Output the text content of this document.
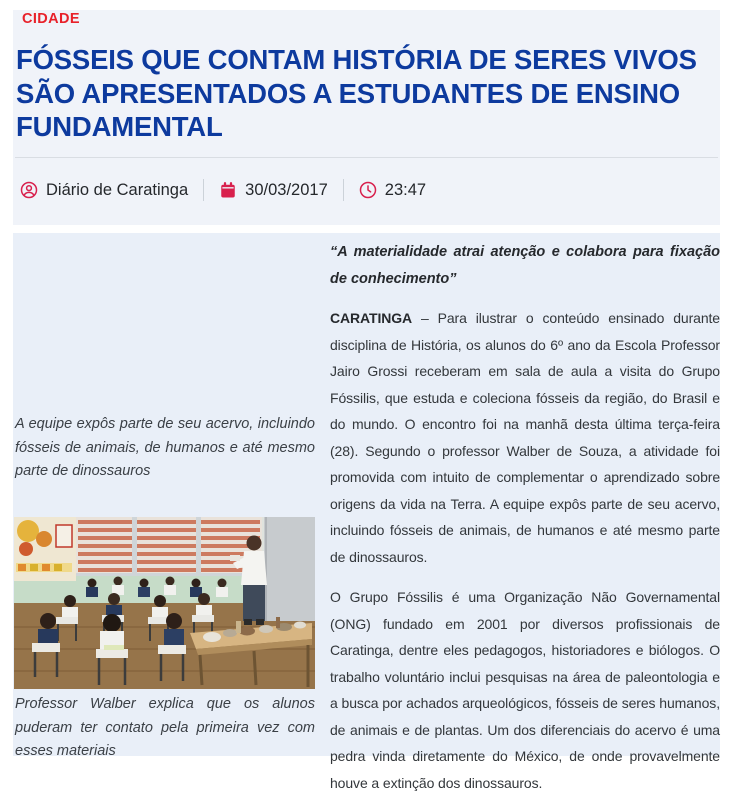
CIDADE
FÓSSEIS QUE CONTAM HISTÓRIA DE SERES VIVOS SÃO APRESENTADOS A ESTUDANTES DE ENSINO FUNDAMENTAL
Diário de Caratinga	30/03/2017	23:47

A equipe expôs parte de seu acervo, incluindo fósseis de animais, de humanos e até mesmo parte de dinossauros

Professor Walber explica que os alunos puderam ter contato pela primeira vez com esses materiais

“A materialidade atrai atenção e colabora para fixação de conhecimento”

CARATINGA – Para ilustrar o conteúdo ensinado durante disciplina de História, os alunos do 6º ano da Escola Professor Jairo Grossi receberam em sala de aula a visita do Grupo Fóssilis, que estuda e coleciona fósseis da região, do Brasil e do mundo. O encontro foi na manhã desta última terça-feira (28). Segundo o professor Walber de Souza, a atividade foi promovida com intuito de complementar o aprendizado sobre origens da vida na Terra. A equipe expôs parte de seu acervo, incluindo fósseis de animais, de humanos e até mesmo parte de dinossauros.

O Grupo Fóssilis é uma Organização Não Governamental (ONG) fundado em 2001 por diversos profissionais de Caratinga, dentre eles pedagogos, historiadores e biólogos. O trabalho voluntário inclui pesquisas na área de paleontologia e a busca por achados arqueológicos, fósseis de seres humanos, de animais e de plantas. Um dos diferenciais do acervo é uma pedra vinda diretamente do México, de onde provavelmente houve a extinção dos dinossauros.
